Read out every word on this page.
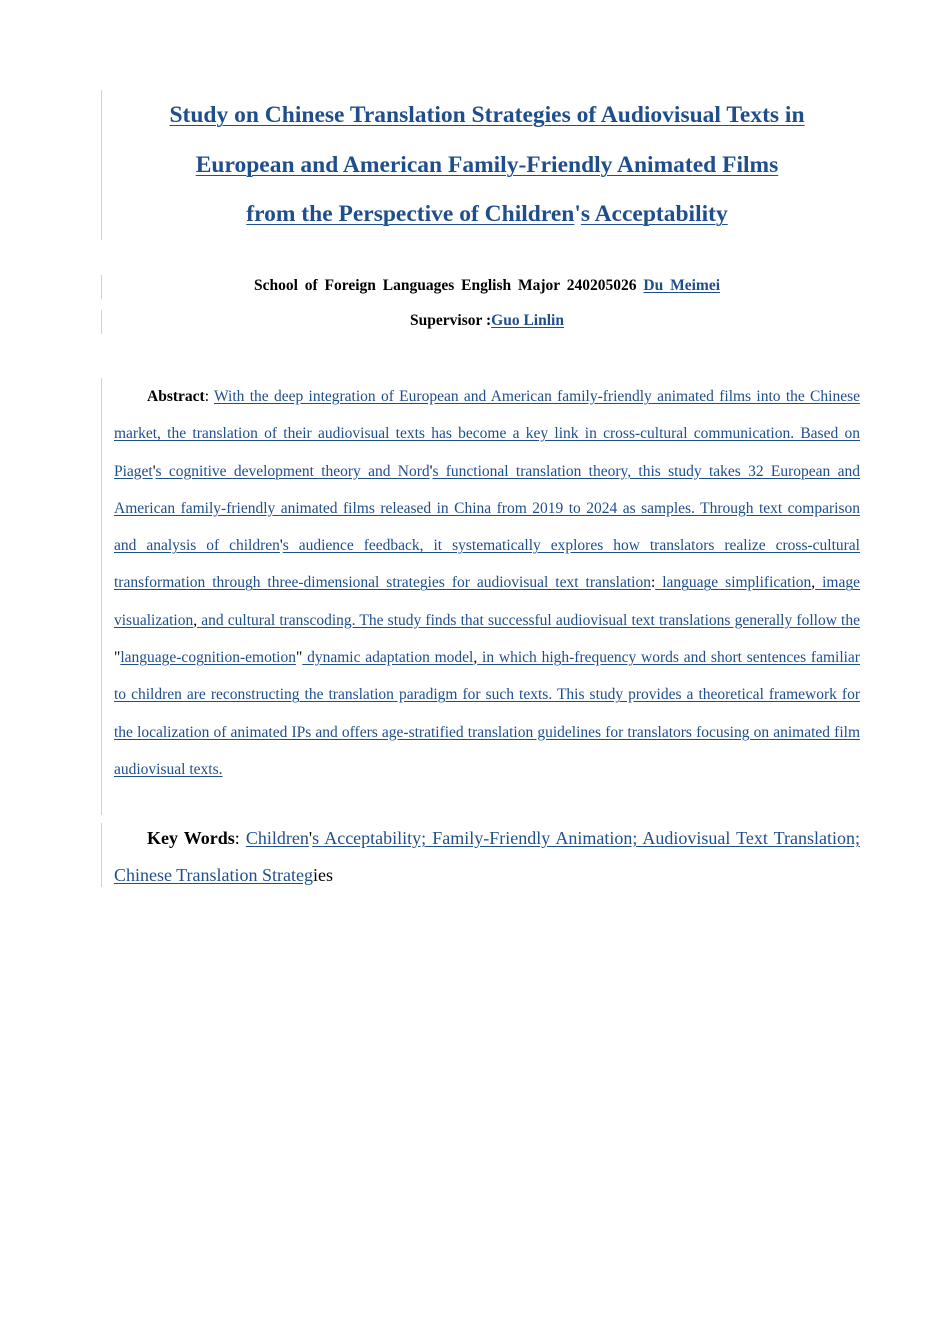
Study on Chinese Translation Strategies of Audiovisual Texts in
European and American Family-Friendly Animated Films
from the Perspective of Children's Acceptability
School of Foreign Languages English Major 240205026 Du Meimei
Supervisor :Guo Linlin
Abstract: With the deep integration of European and American family-friendly animated films into the Chinese market, the translation of their audiovisual texts has become a key link in cross-cultural communication. Based on Piaget's cognitive development theory and Nord's functional translation theory, this study takes 32 European and American family-friendly animated films released in China from 2019 to 2024 as samples. Through text comparison and analysis of children's audience feedback, it systematically explores how translators realize cross-cultural transformation through three-dimensional strategies for audiovisual text translation: language simplification, image visualization, and cultural transcoding. The study finds that successful audiovisual text translations generally follow the "language-cognition-emotion" dynamic adaptation model, in which high-frequency words and short sentences familiar to children are reconstructing the translation paradigm for such texts. This study provides a theoretical framework for the localization of animated IPs and offers age-stratified translation guidelines for translators focusing on animated film audiovisual texts.
Key Words: Children's Acceptability; Family-Friendly Animation; Audiovisual Text Translation; Chinese Translation Strategies
